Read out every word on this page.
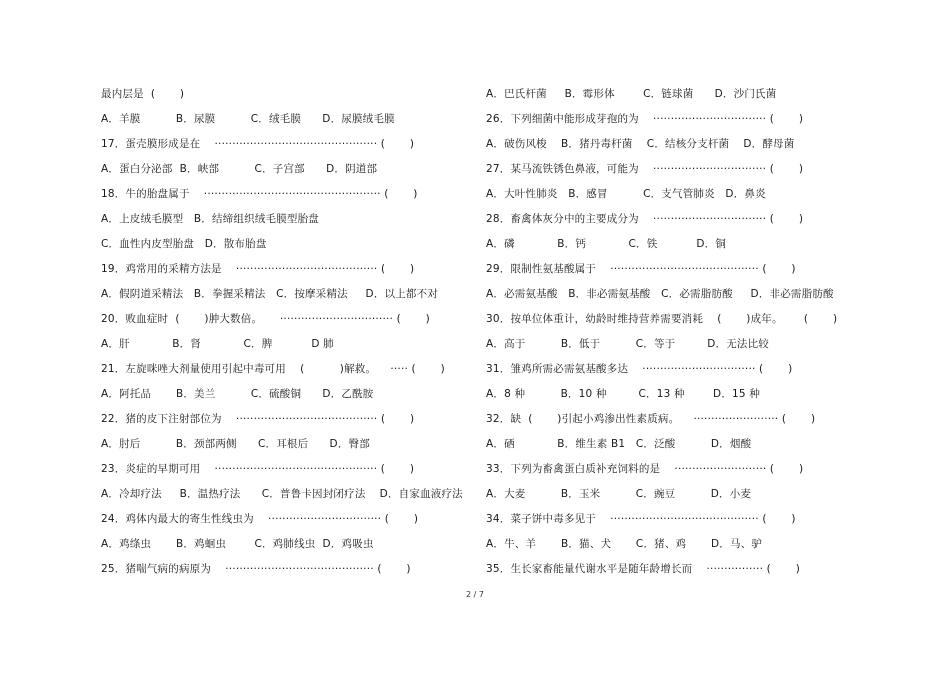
最内层是  (       )
A．羊膜          B．尿膜          C．绒毛膜      D．尿膜绒毛膜
17．蛋壳膜形成是在    ·············································· (       )
A．蛋白分泌部  B．峡部          C．子宫部      D．阴道部
18．牛的胎盘属于    ·················································· (       )
A．上皮绒毛膜型   B．结缔组织绒毛膜型胎盘
C．血性内皮型胎盘   D．散布胎盘
19．鸡常用的采精方法是    ········································ (       )
A．假阴道采精法   B．拳握采精法   C．按摩采精法     D．以上都不对
20．败血症时  (       )肿大数倍。     ································ (       )
A．肝            B．肾            C．脾           D 肺
21．左旋咪唑大剂量使用引起中毒可用    (          )解救。    ····· (       )
A．阿托品       B．美兰          C．硫酸铜      D．乙酰胺
22．猪的皮下注射部位为    ········································ (       )
A．肘后          B．颈部两侧      C．耳根后      D．臀部
23．炎症的早期可用    ·············································· (       )
A．冷却疗法     B．温热疗法      C．普鲁卡因封闭疗法    D．自家血液疗法
24．鸡体内最大的寄生性线虫为    ································ (       )
A．鸡绦虫       B．鸡蛔虫        C．鸡肺线虫  D．鸡吸虫
25．猪喘气病的病原为    ·········································· (       )
A．巴氏杆菌     B．霉形体        C．链球菌      D．沙门氏菌
26．下列细菌中能形成芽孢的为    ································ (       )
A．破伤风梭    B．猪丹毒杆菌    C．结核分支杆菌    D．酵母菌
27．某马流铁锈色鼻液，可能为    ································ (       )
A．大叶性肺炎   B．感冒          C．支气管肺炎   D．鼻炎
28．畜禽体灰分中的主要成分为    ································ (       )
A．磷            B．钙            C．铁           D．铜
29．限制性氨基酸属于    ·········································· (       )
A．必需氨基酸   B．非必需氨基酸   C．必需脂肪酸     D．非必需脂肪酸
30．按单位体重计，幼龄时维持营养需要消耗    (       )成年。      (       )
A．高于          B．低于          C．等于         D．无法比较
31．雏鸡所需必需氨基酸多达    ································ (       )
A．8 种          B．10 种         C．13 种        D．15 种
32．缺  (       )引起小鸡渗出性素质病。    ························ (       )
A．硒            B．维生素 B1   C．泛酸          D．烟酸
33．下列为畜禽蛋白质补充饲料的是    ·························· (       )
A．大麦          B．玉米          C．豌豆          D．小麦
34．菜子饼中毒多见于    ·········································· (       )
A．牛、羊       B．猫、犬       C．猪、鸡       D．马、驴
35．生长家畜能量代谢水平是随年龄增长而    ················ (       )
2 / 7
